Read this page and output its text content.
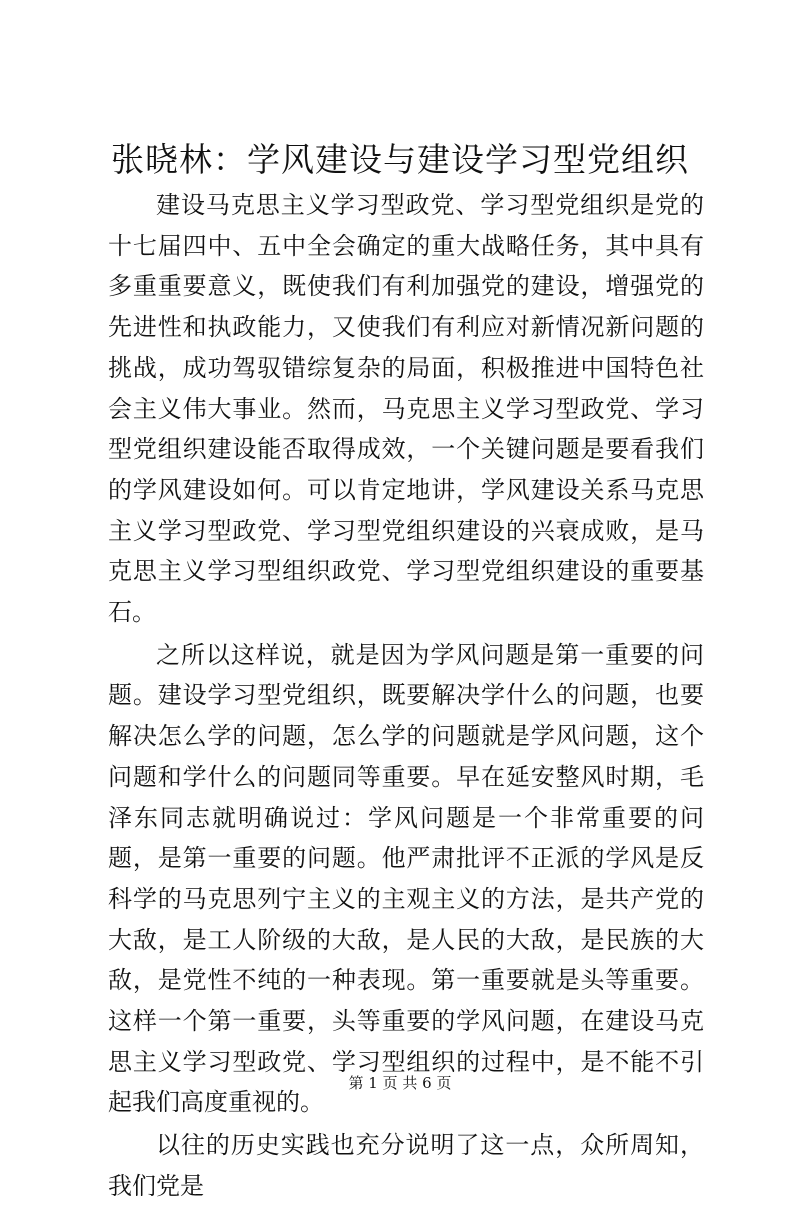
张晓林：学风建设与建设学习型党组织

建设马克思主义学习型政党、学习型党组织是党的十七届四中、五中全会确定的重大战略任务，其中具有多重重要意义，既使我们有利加强党的建设，增强党的先进性和执政能力，又使我们有利应对新情况新问题的挑战，成功驾驭错综复杂的局面，积极推进中国特色社会主义伟大事业。然而，马克思主义学习型政党、学习型党组织建设能否取得成效，一个关键问题是要看我们的学风建设如何。可以肯定地讲，学风建设关系马克思主义学习型政党、学习型党组织建设的兴衰成败，是马克思主义学习型组织政党、学习型党组织建设的重要基石。

之所以这样说，就是因为学风问题是第一重要的问题。建设学习型党组织，既要解决学什么的问题，也要解决怎么学的问题，怎么学的问题就是学风问题，这个问题和学什么的问题同等重要。早在延安整风时期，毛泽东同志就明确说过：学风问题是一个非常重要的问题，是第一重要的问题。他严肃批评不正派的学风是反科学的马克思列宁主义的主观主义的方法，是共产党的大敌，是工人阶级的大敌，是人民的大敌，是民族的大敌，是党性不纯的一种表现。第一重要就是头等重要。这样一个第一重要，头等重要的学风问题，在建设马克思主义学习型政党、学习型组织的过程中，是不能不引起我们高度重视的。

以往的历史实践也充分说明了这一点，众所周知，我们党是

第 1 页 共 6 页
